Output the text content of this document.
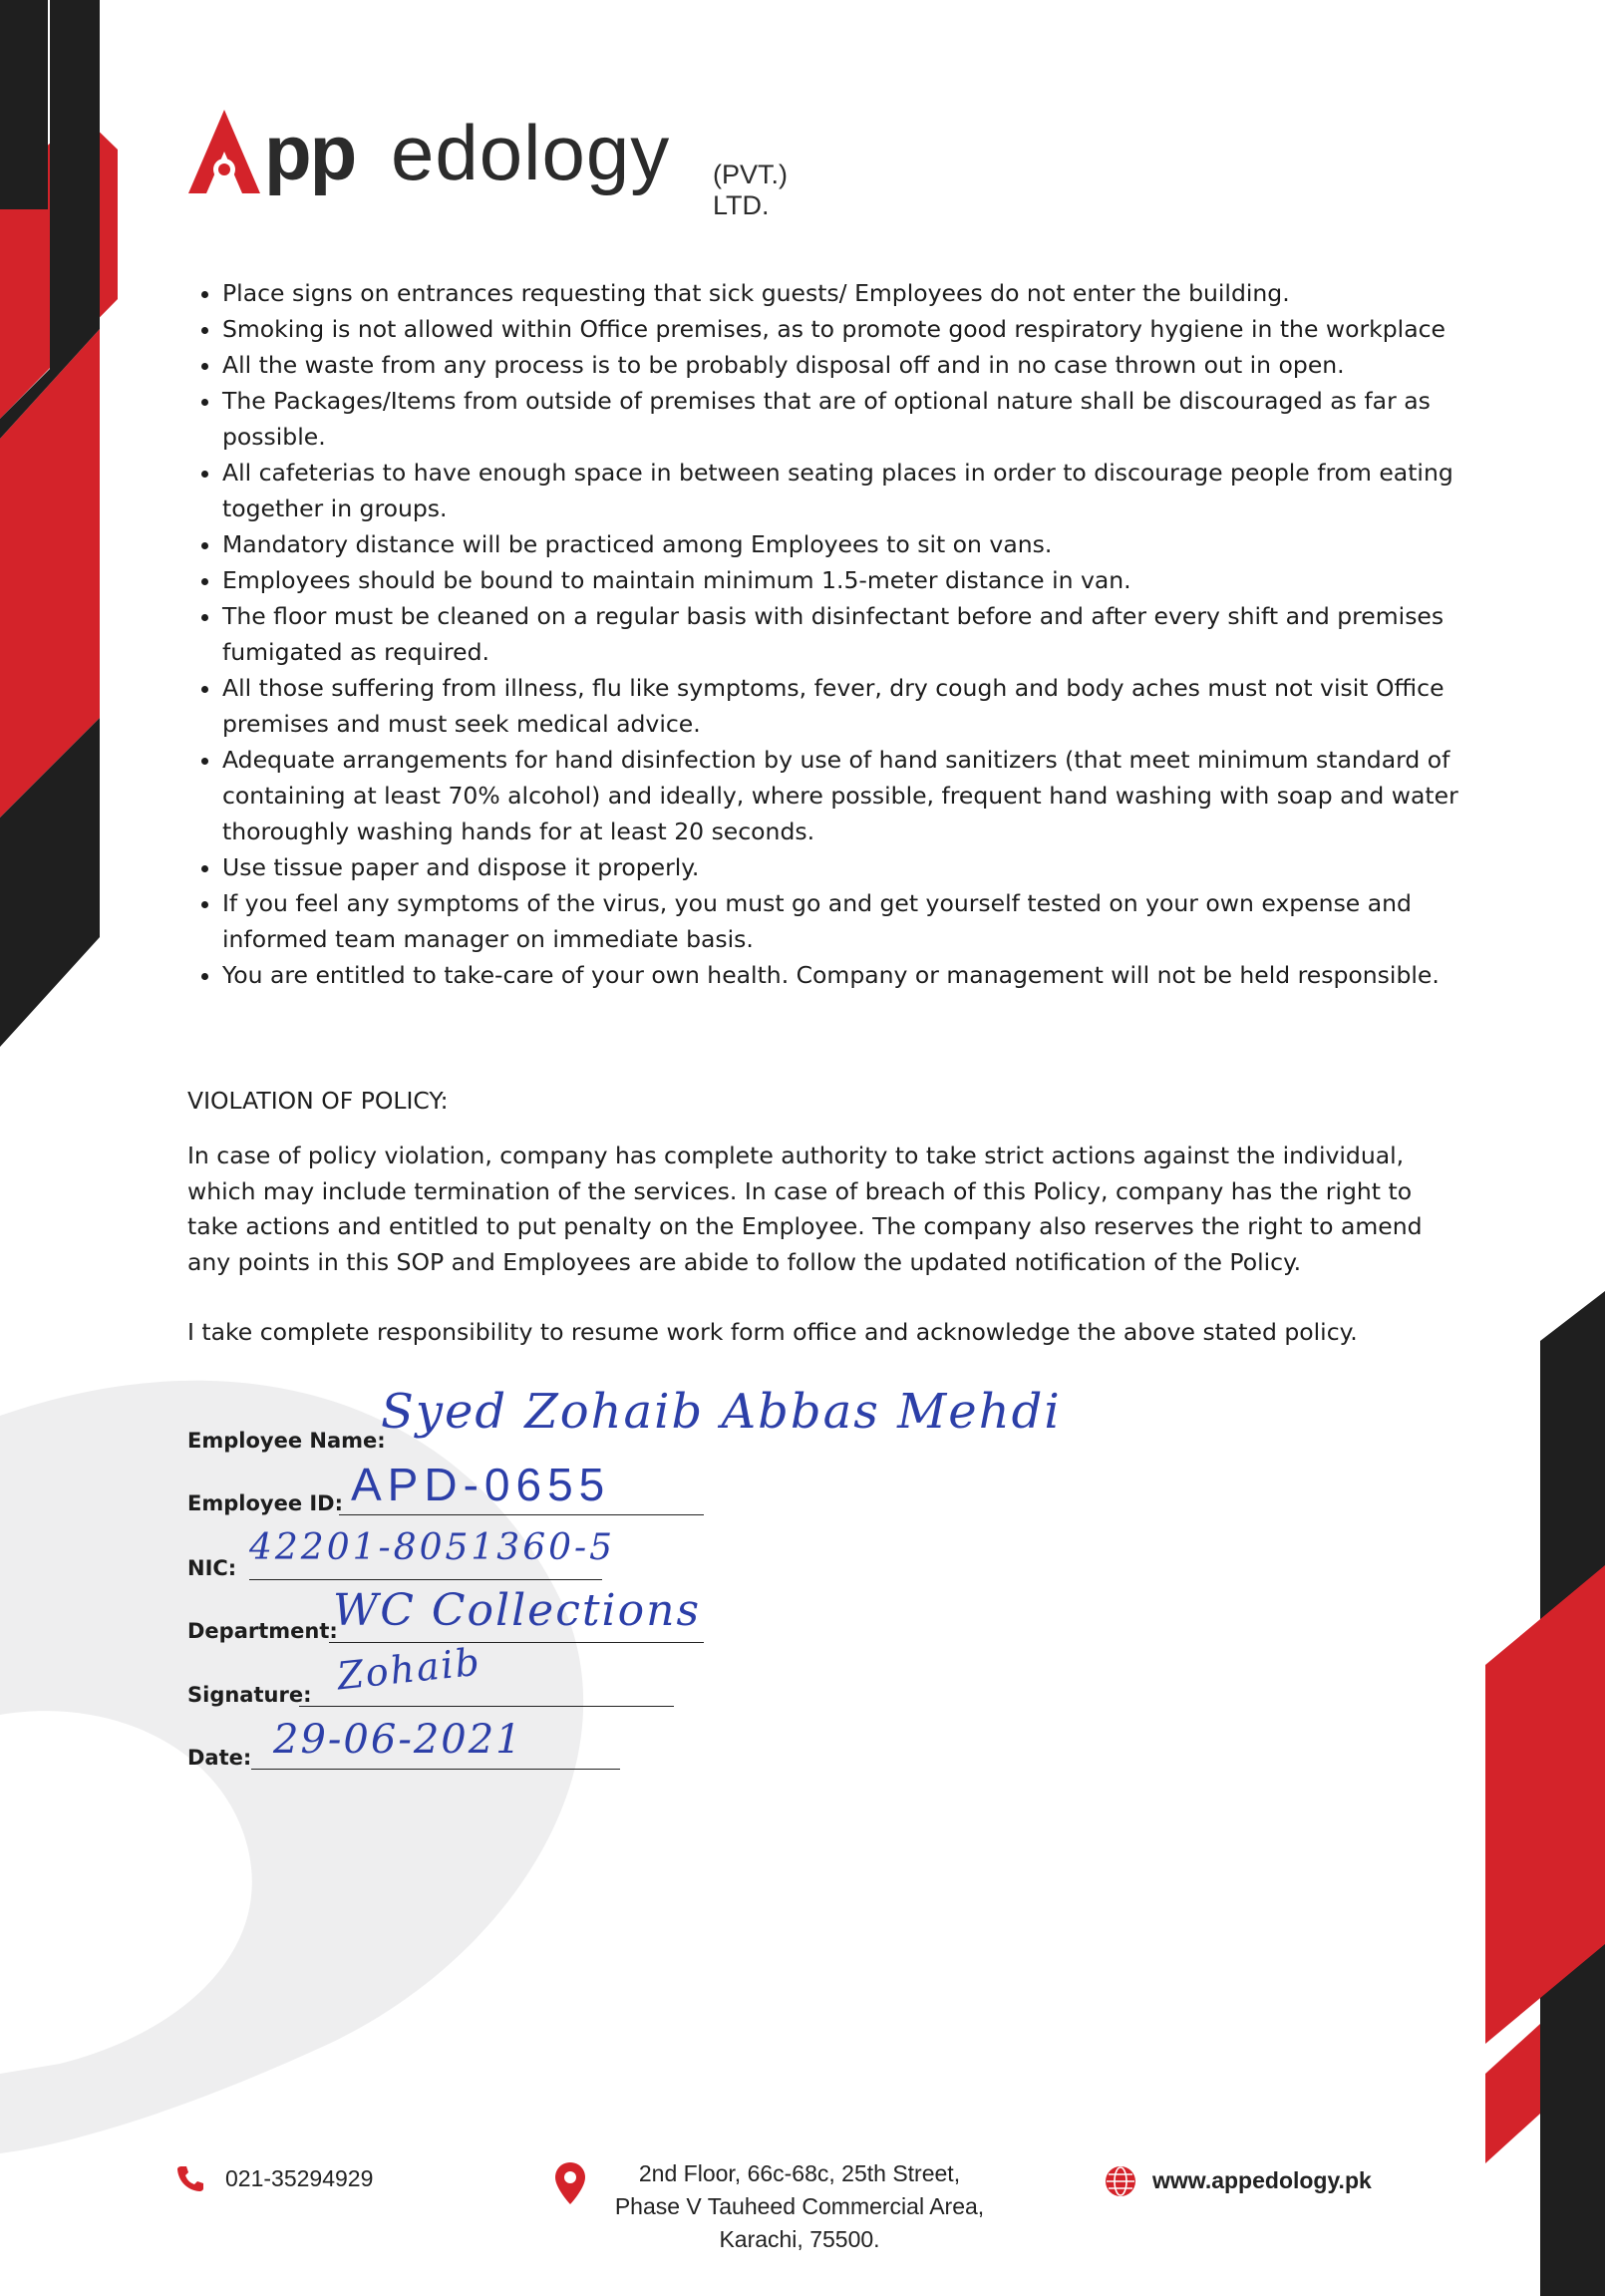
pp edology (PVT.) LTD.
• Place signs on entrances requesting that sick guests/ Employees do not enter the building.
• Smoking is not allowed within Office premises, as to promote good respiratory hygiene in the workplace
• All the waste from any process is to be probably disposal off and in no case thrown out in open.
• The Packages/Items from outside of premises that are of optional nature shall be discouraged as far as possible.
• All cafeterias to have enough space in between seating places in order to discourage people from eating together in groups.
• Mandatory distance will be practiced among Employees to sit on vans.
• Employees should be bound to maintain minimum 1.5-meter distance in van.
• The floor must be cleaned on a regular basis with disinfectant before and after every shift and premises fumigated as required.
• All those suffering from illness, flu like symptoms, fever, dry cough and body aches must not visit Office premises and must seek medical advice.
• Adequate arrangements for hand disinfection by use of hand sanitizers (that meet minimum standard of containing at least 70% alcohol) and ideally, where possible, frequent hand washing with soap and water thoroughly washing hands for at least 20 seconds.
• Use tissue paper and dispose it properly.
• If you feel any symptoms of the virus, you must go and get yourself tested on your own expense and informed team manager on immediate basis.
• You are entitled to take-care of your own health. Company or management will not be held responsible.
VIOLATION OF POLICY:

In case of policy violation, company has complete authority to take strict actions against the individual, which may include termination of the services. In case of breach of this Policy, company has the right to take actions and entitled to put penalty on the Employee. The company also reserves the right to amend any points in this SOP and Employees are abide to follow the updated notification of the Policy.

I take complete responsibility to resume work form office and acknowledge the above stated policy.

Employee Name:
Syed Zohaib Abbas Mehdi
Employee ID: APD-0655
NIC: 42201-8051360-5
Department:
WC Collections
Signature: Zohaib
Date: 29-06-2021
021-35294929	2nd Floor, 66c-68c, 25th Street,
Phase V Tauheed Commercial Area,
Karachi, 75500.
www.appedology.pk
